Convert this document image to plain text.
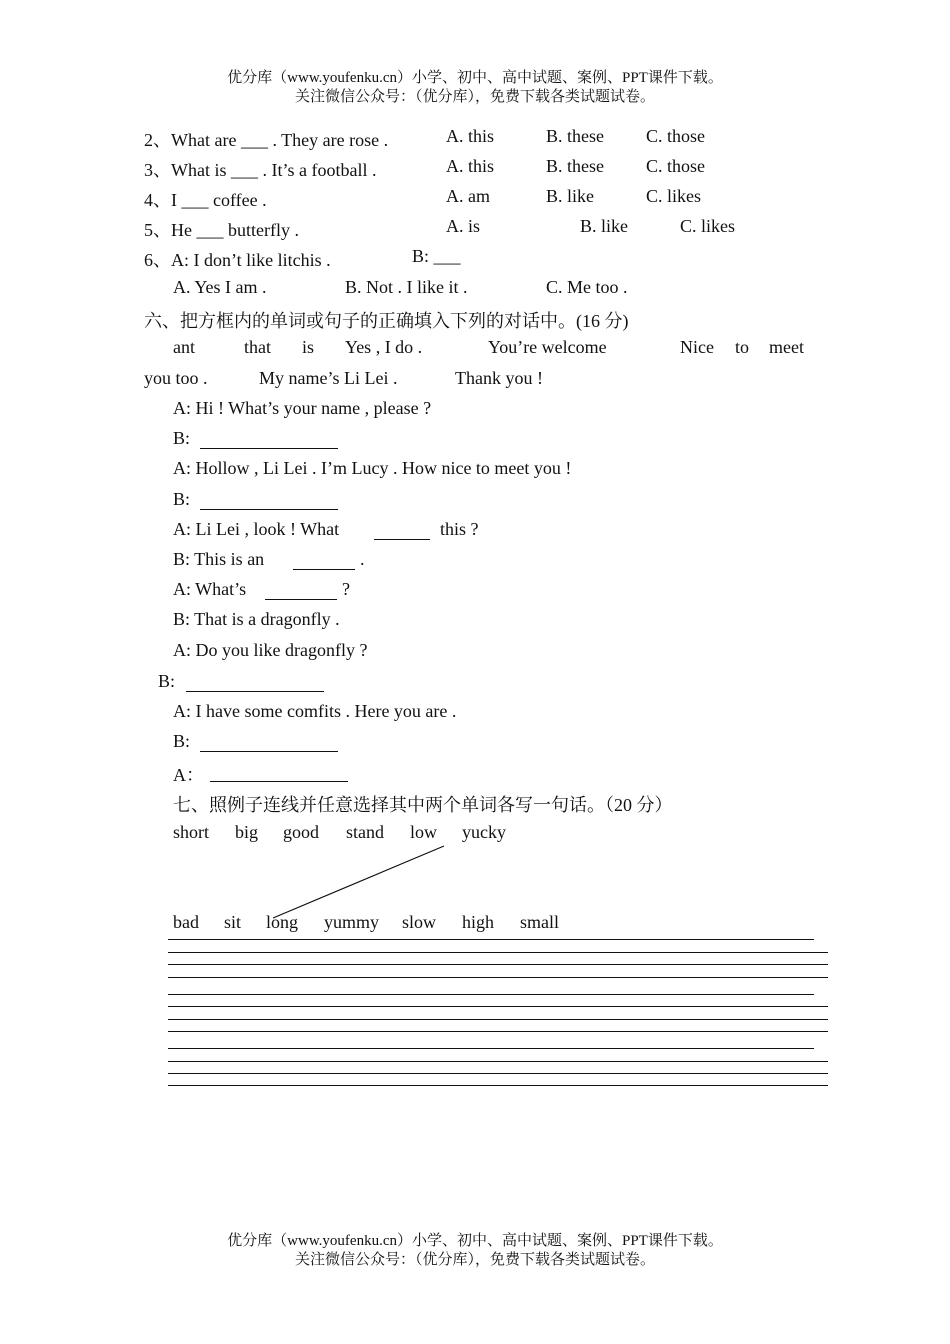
优分库（www.youfenku.cn）小学、初中、高中试题、案例、PPT课件下载。
关注微信公众号：（优分库），免费下载各类试题试卷。
2、What are ___ . They are rose .	A. this	B. these C. those
3、What is ___ . It’s a football .	A. this	B. these C. those
4、I ___ coffee .	A. am	B. like	C. likes
5、He ___ butterfly .	A. is	B. like	C. likes
6、A: I don’t like litchis .	B: ___
A. Yes I am .	B. Not . I like it .	C. Me too .
六、把方框内的单词或句子的正确填入下列的对话中。(16 分)
ant	that is Yes , I do .	You’re welcome	Nice to meet
you too .	My name’s Li Lei .	Thank you !
A: Hi ! What’s your name , please ?
B:
A: Hollow , Li Lei . I’m Lucy . How nice to meet you !
B:
A: Li Lei , look ! What	this ?
B: This is an	.
A: What’s	?
B: That is a dragonfly .
A: Do you like dragonfly ?
B:
A: I have some comfits . Here you are .
B:
A：
七、照例子连线并任意选择其中两个单词各写一句话。（20 分）
short big good stand low yucky
bad sit long yummy slow high small
优分库（www.youfenku.cn）小学、初中、高中试题、案例、PPT课件下载。
关注微信公众号：（优分库），免费下载各类试题试卷。
